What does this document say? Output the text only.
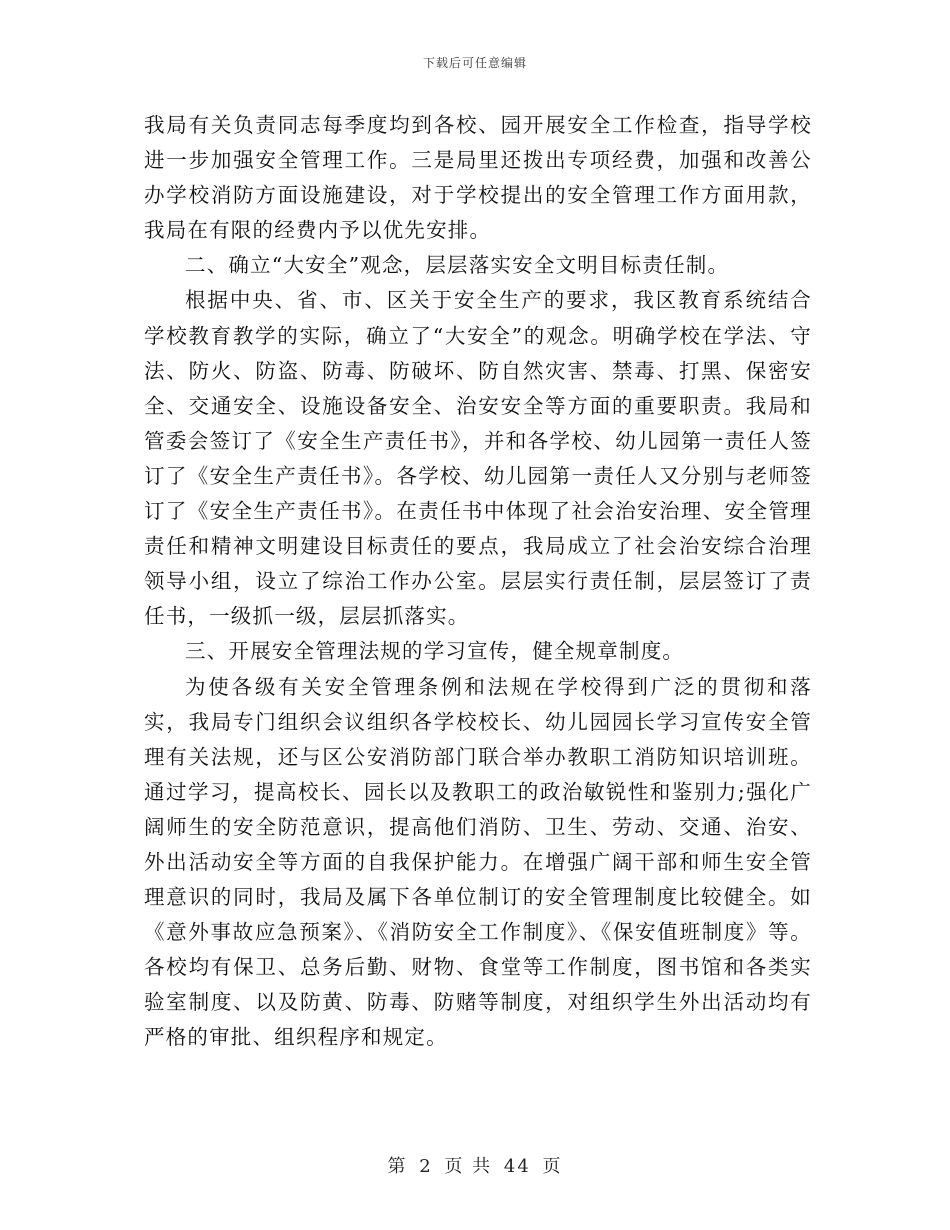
下载后可任意编辑

我局有关负责同志每季度均到各校、园开展安全工作检查，指导学校进一步加强安全管理工作。三是局里还拨出专项经费，加强和改善公办学校消防方面设施建设，对于学校提出的安全管理工作方面用款，我局在有限的经费内予以优先安排。

二、确立“大安全”观念，层层落实安全文明目标责任制。

根据中央、省、市、区关于安全生产的要求，我区教育系统结合学校教育教学的实际，确立了“大安全”的观念。明确学校在学法、守法、防火、防盗、防毒、防破坏、防自然灾害、禁毒、打黑、保密安全、交通安全、设施设备安全、治安安全等方面的重要职责。我局和管委会签订了《安全生产责任书》，并和各学校、幼儿园第一责任人签订了《安全生产责任书》。各学校、幼儿园第一责任人又分别与老师签订了《安全生产责任书》。在责任书中体现了社会治安治理、安全管理责任和精神文明建设目标责任的要点，我局成立了社会治安综合治理领导小组，设立了综治工作办公室。层层实行责任制，层层签订了责任书，一级抓一级，层层抓落实。

三、开展安全管理法规的学习宣传，健全规章制度。

为使各级有关安全管理条例和法规在学校得到广泛的贯彻和落实，我局专门组织会议组织各学校校长、幼儿园园长学习宣传安全管理有关法规，还与区公安消防部门联合举办教职工消防知识培训班。通过学习，提高校长、园长以及教职工的政治敏锐性和鉴别力;强化广阔师生的安全防范意识，提高他们消防、卫生、劳动、交通、治安、外出活动安全等方面的自我保护能力。在增强广阔干部和师生安全管理意识的同时，我局及属下各单位制订的安全管理制度比较健全。如《意外事故应急预案》、《消防安全工作制度》、《保安值班制度》等。各校均有保卫、总务后勤、财物、食堂等工作制度，图书馆和各类实验室制度、以及防黄、防毒、防赌等制度，对组织学生外出活动均有严格的审批、组织程序和规定。

第 2 页 共 44 页
